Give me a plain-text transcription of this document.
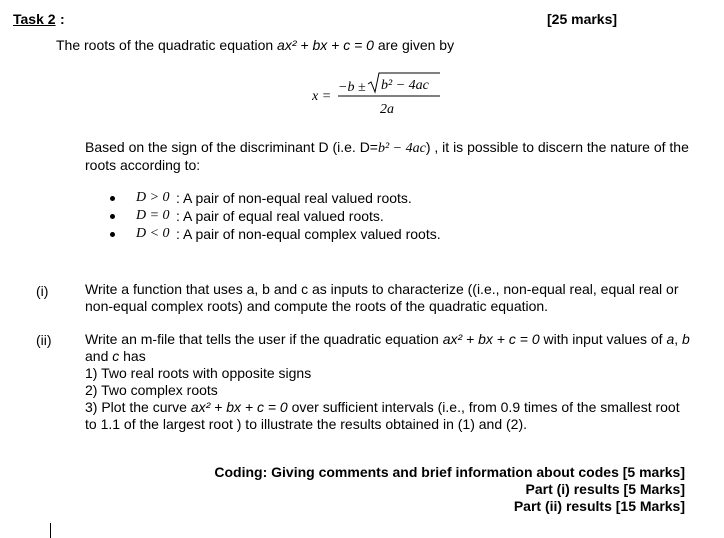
Task 2 :	[25 marks]
The roots of the quadratic equation ax² + bx + c = 0 are given by
x =
−b ± b² − 4ac
2a
Based on the sign of the discriminant D (i.e. D=b² − 4ac) , it is possible to discern the nature of the roots according to:
D > 0 : A pair of non-equal real valued roots.
D = 0 : A pair of equal real valued roots.
D < 0 : A pair of non-equal complex valued roots.
(i)	Write a function that uses a, b and c as inputs to characterize ((i.e., non-equal real, equal real or non-equal complex roots) and compute the roots of the quadratic equation.
(ii) Write an m-file that tells the user if the quadratic equation ax² + bx + c = 0 with input values of a, b and c has
1) Two real roots with opposite signs
2) Two complex roots
3) Plot the curve ax² + bx + c = 0 over sufficient intervals (i.e., from 0.9 times of the smallest root to 1.1 of the largest root ) to illustrate the results obtained in (1) and (2).
Coding: Giving comments and brief information about codes [5 marks]
Part (i) results [5 Marks]
Part (ii) results [15 Marks]
